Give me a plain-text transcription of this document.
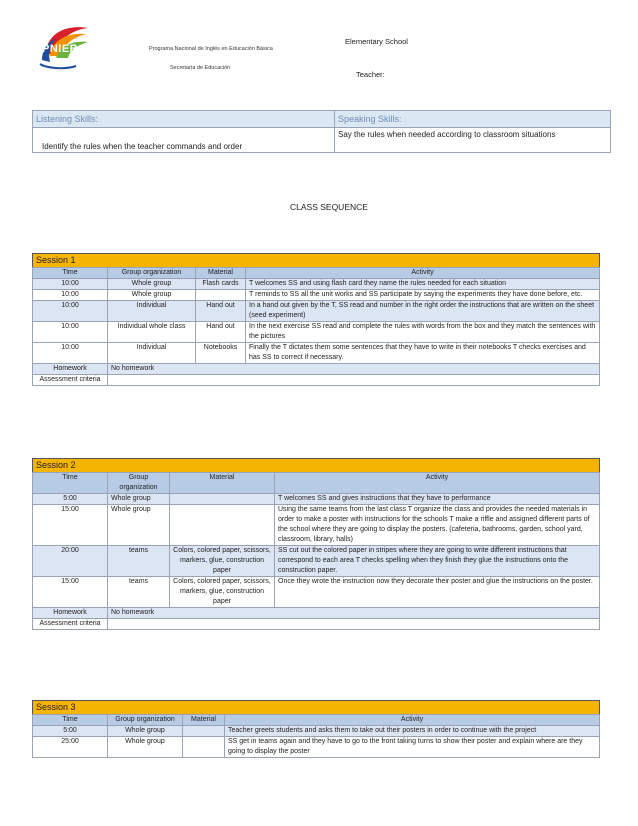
PNIEB	Programa Nacional de Inglés en Educación Básica
Secretaría de Educación
Elementary School
Teacher:
Listening Skills:	Speaking Skills:
Identify the rules when the teacher commands and order	Say the rules when needed according to classroom situations
CLASS SEQUENCE
Session 1
Time	Group organization	Material	Activity
10:00	Whole group	Flash cards	T welcomes SS and using flash card they name the rules needed for each situation
10:00	Whole group		T reminds to SS all the unit works and SS participate by saying the experiments they have done before, etc.
10:00	Individual	Hand out	In a hand out given by the T, SS read and number in the right order the instructions that are written on the sheet (seed experiment)
10:00	Individual whole class	Hand out	In the next exercise SS read and complete the rules with words from the box and they match the sentences with the pictures
10:00	Individual	Notebooks	Finally the T dictates them some sentences that they have to write in their notebooks T checks exercises and has SS to correct if necessary.
Homework	No homework		
Assessment criteria			
Session 2
Time	Group organization	Material	Activity
5:00	Whole group		T welcomes SS and gives instructions that they have to performance
15:00	Whole group		Using the same teams from the last class T organize the class and provides the needed materials in order to make a poster with instructions for the schools T make a riffle and assigned different parts of the school where they are going to display the posters. (cafeteria, bathrooms, garden, school yard, classroom, library, halls)
20:00	teams	Colors, colored paper, scissors, markers, glue, construction paper	SS cut out the colored paper in stripes where they are going to write different instructions that correspond to each area T checks spelling when they finish they glue the instructions onto the construction paper.
15:00	teams	Colors, colored paper, scissors, markers, glue, construction paper	Once they wrote the instruction now they decorate their poster and glue the instructions on the poster.
Homework	No homework		
Assessment criteria			
Session 3
Time	Group organization	Material	Activity
5:00	Whole group		Teacher greets students and asks them to take out their posters in order to continue with the project
25:00	Whole group		SS get in teams again and they have to go to the front taking turns to show their poster and explain where are they going to display the poster
